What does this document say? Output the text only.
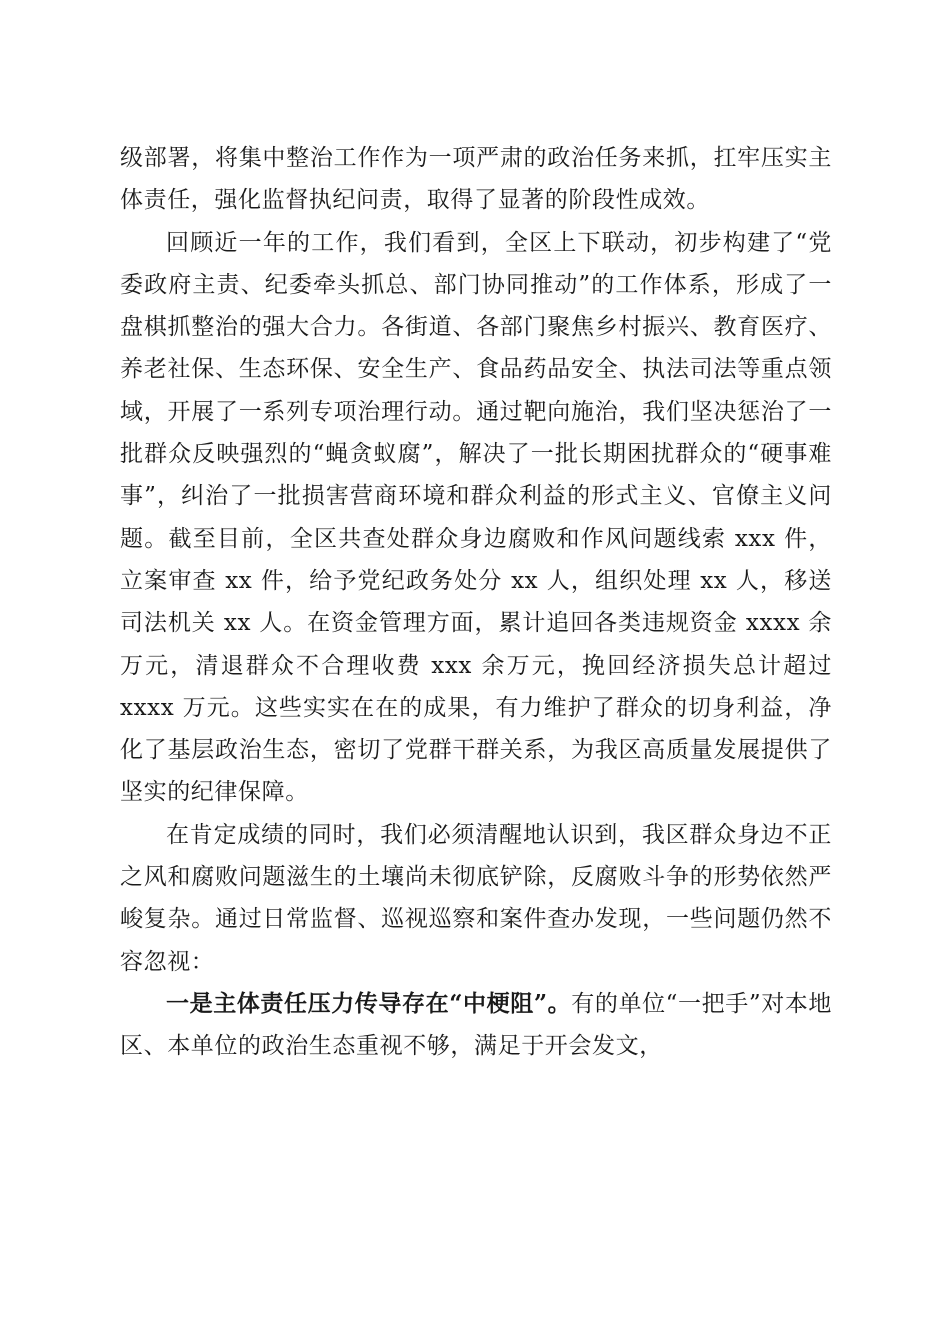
级部署，将集中整治工作作为一项严肃的政治任务来抓，扛牢压实主体责任，强化监督执纪问责，取得了显著的阶段性成效。

回顾近一年的工作，我们看到，全区上下联动，初步构建了“党委政府主责、纪委牵头抓总、部门协同推动”的工作体系，形成了一盘棋抓整治的强大合力。各街道、各部门聚焦乡村振兴、教育医疗、养老社保、生态环保、安全生产、食品药品安全、执法司法等重点领域，开展了一系列专项治理行动。通过靶向施治，我们坚决惩治了一批群众反映强烈的“蝇贪蚁腐”，解决了一批长期困扰群众的“硬事难事”，纠治了一批损害营商环境和群众利益的形式主义、官僚主义问题。截至目前，全区共查处群众身边腐败和作风问题线索 xxx 件，立案审查 xx 件，给予党纪政务处分 xx 人，组织处理 xx 人，移送司法机关 xx 人。在资金管理方面，累计追回各类违规资金 xxxx 余万元，清退群众不合理收费 xxx 余万元，挽回经济损失总计超过 xxxx 万元。这些实实在在的成果，有力维护了群众的切身利益，净化了基层政治生态，密切了党群干群关系，为我区高质量发展提供了坚实的纪律保障。

在肯定成绩的同时，我们必须清醒地认识到，我区群众身边不正之风和腐败问题滋生的土壤尚未彻底铲除，反腐败斗争的形势依然严峻复杂。通过日常监督、巡视巡察和案件查办发现，一些问题仍然不容忽视：

一是主体责任压力传导存在“中梗阻”。有的单位“一把手”对本地区、本单位的政治生态重视不够，满足于开会发文，
